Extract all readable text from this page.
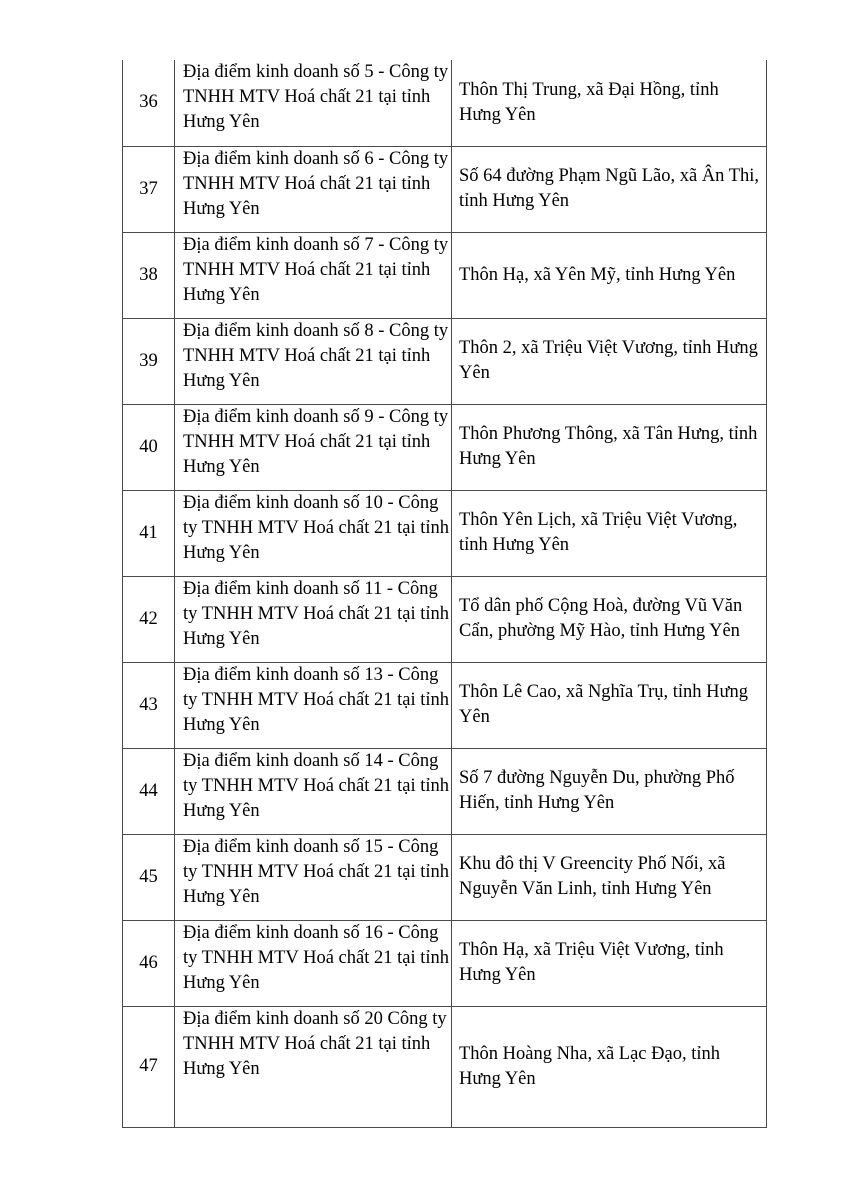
36	Địa điểm kinh doanh số 5 - Công ty TNHH MTV Hoá chất 21 tại tỉnh Hưng Yên	Thôn Thị Trung, xã Đại Hồng, tỉnh Hưng Yên
37	Địa điểm kinh doanh số 6 - Công ty TNHH MTV Hoá chất 21 tại tỉnh Hưng Yên	Số 64 đường Phạm Ngũ Lão, xã Ân Thi, tỉnh Hưng Yên
38	Địa điểm kinh doanh số 7 - Công ty TNHH MTV Hoá chất 21 tại tỉnh Hưng Yên	Thôn Hạ, xã Yên Mỹ, tỉnh Hưng Yên
39	Địa điểm kinh doanh số 8 - Công ty TNHH MTV Hoá chất 21 tại tỉnh Hưng Yên	Thôn 2, xã Triệu Việt Vương, tỉnh Hưng Yên
40	Địa điểm kinh doanh số 9 - Công ty TNHH MTV Hoá chất 21 tại tỉnh Hưng Yên	Thôn Phương Thông, xã Tân Hưng, tỉnh Hưng Yên
41	Địa điểm kinh doanh số 10 - Công ty TNHH MTV Hoá chất 21 tại tỉnh Hưng Yên	Thôn Yên Lịch, xã Triệu Việt Vương, tỉnh Hưng Yên
42	Địa điểm kinh doanh số 11 - Công ty TNHH MTV Hoá chất 21 tại tỉnh Hưng Yên	Tổ dân phố Cộng Hoà, đường Vũ Văn Cẩn, phường Mỹ Hào, tỉnh Hưng Yên
43	Địa điểm kinh doanh số 13 - Công ty TNHH MTV Hoá chất 21 tại tỉnh Hưng Yên	Thôn Lê Cao, xã Nghĩa Trụ, tỉnh Hưng Yên
44	Địa điểm kinh doanh số 14 - Công ty TNHH MTV Hoá chất 21 tại tỉnh Hưng Yên	Số 7 đường Nguyễn Du, phường Phố Hiến, tỉnh Hưng Yên
45	Địa điểm kinh doanh số 15 - Công ty TNHH MTV Hoá chất 21 tại tỉnh Hưng Yên	Khu đô thị V Greencity Phố Nối, xã Nguyễn Văn Linh, tỉnh Hưng Yên
46	Địa điểm kinh doanh số 16 - Công ty TNHH MTV Hoá chất 21 tại tỉnh Hưng Yên	Thôn Hạ, xã Triệu Việt Vương, tỉnh Hưng Yên
47	Địa điểm kinh doanh số 20 Công ty TNHH MTV Hoá chất 21 tại tỉnh Hưng Yên	Thôn Hoàng Nha, xã Lạc Đạo, tỉnh Hưng Yên
